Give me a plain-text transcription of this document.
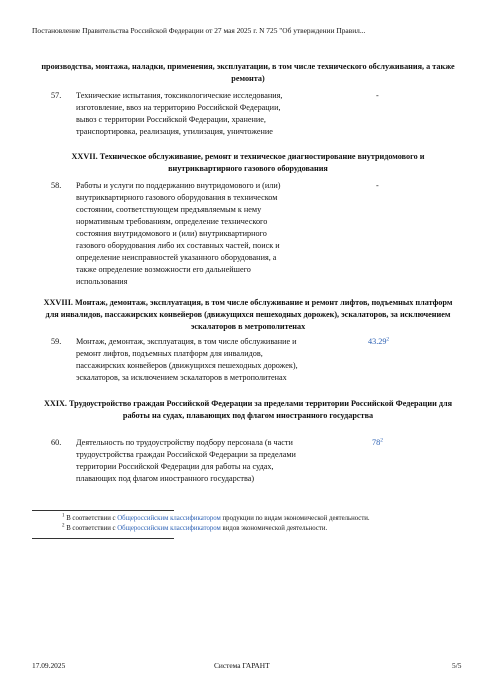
Постановление Правительства Российской Федерации от 27 мая 2025 г. N 725 "Об утверждении Правил...
производства, монтажа, наладки, применения, эксплуатации, в том числе технического обслуживания, а также ремонта)
57. Технические испытания, токсикологические исследования, изготовление, ввоз на территорию Российской Федерации, вывоз с территории Российской Федерации, хранение, транспортировка, реализация, утилизация, уничтожение
-
XXVII. Техническое обслуживание, ремонт и техническое диагностирование внутридомового и внутриквартирного газового оборудования
58. Работы и услуги по поддержанию внутридомового и (или) внутриквартирного газового оборудования в техническом состоянии, соответствующем предъявляемым к нему нормативным требованиям, определение технического состояния внутридомового и (или) внутриквартирного газового оборудования либо их составных частей, поиск и определение неисправностей указанного оборудования, а также определение возможности его дальнейшего использования
-
XXVIII. Монтаж, демонтаж, эксплуатация, в том числе обслуживание и ремонт лифтов, подъемных платформ для инвалидов, пассажирских конвейеров (движущихся пешеходных дорожек), эскалаторов, за исключением эскалаторов в метрополитенах
59. Монтаж, демонтаж, эксплуатация, в том числе обслуживание и ремонт лифтов, подъемных платформ для инвалидов, пассажирских конвейеров (движущихся пешеходных дорожек), эскалаторов, за исключением эскалаторов в метрополитенах
43.29$^2$
XXIX. Трудоустройство граждан Российской Федерации за пределами территории Российской Федерации для работы на судах, плавающих под флагом иностранного государства
60. Деятельность по трудоустройству подбору персонала (в части трудоустройства граждан Российской Федерации за пределами территории Российской Федерации для работы на судах, плавающих под флагом иностранного государства)
$78^2$
$^1$ В соответствии с Общероссийским классификатором продукции по видам экономической деятельности.
$^2$ В соответствии с Общероссийским классификатором видов экономической деятельности.
17.09.2025	Система ГАРАНТ	5/5
